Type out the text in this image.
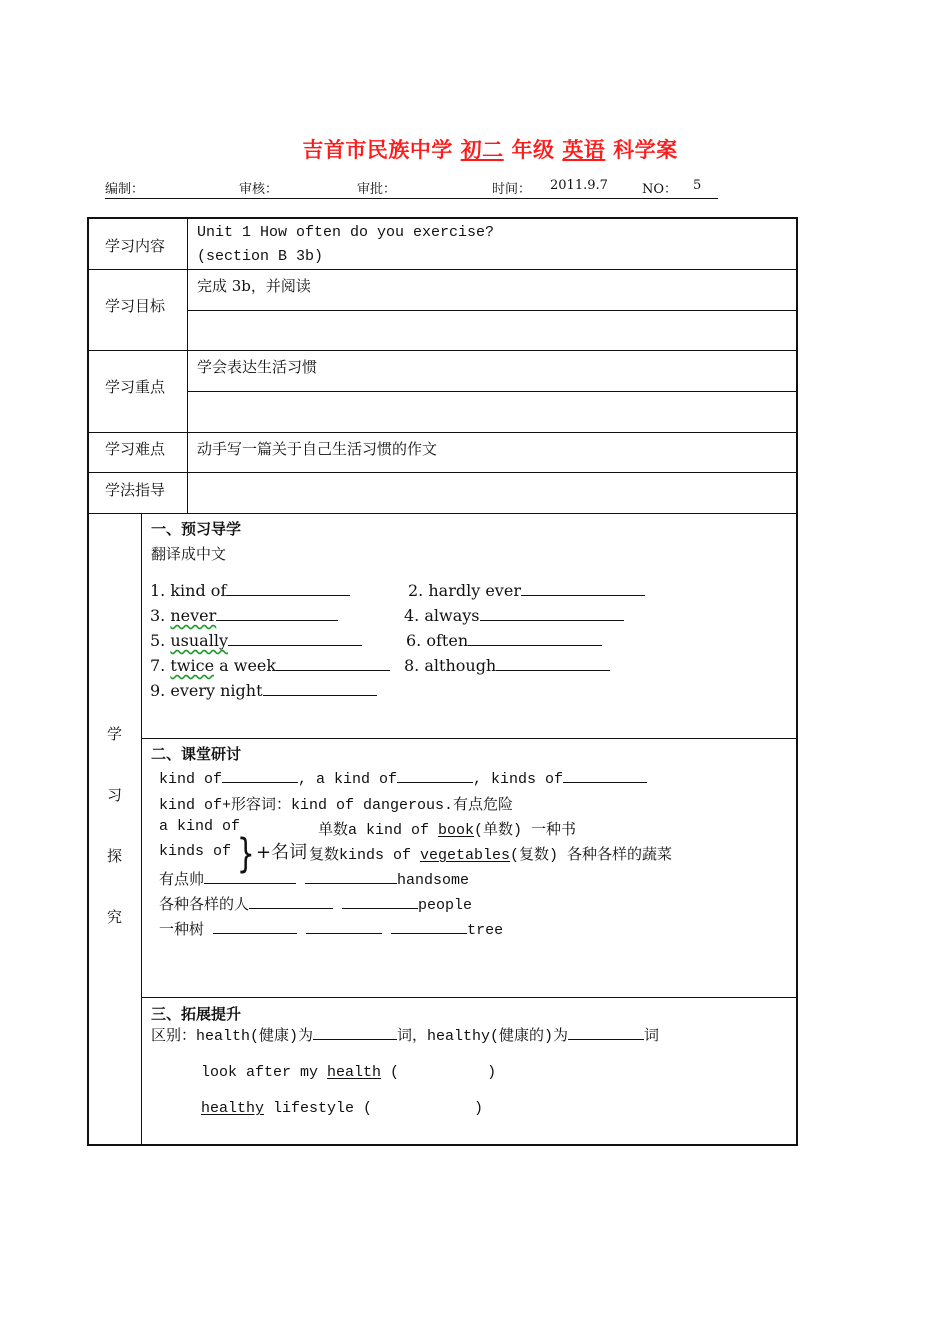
吉首市民族中学 初二 年级 英语 科学案
编制：	审核：	审批：	时间： 2011.9.7	NO： 5
学习内容
Unit 1 How often do you exercise?
(section B 3b)
学习目标
完成 3b，并阅读
学习重点
学会表达生活习惯
学习难点 动手写一篇关于自己生活习惯的作文
学法指导
学
习
探
究
一、预习导学
翻译成中文
1. kind of	2. hardly ever
3. never	4. always
5. usually	6. often
7. twice a week	8. although
9. every night
二、课堂研讨
kind of	, a kind of	, kinds of
kind of+形容词：kind of dangerous.有点危险
a kind of	单数a kind of book(单数) 一种书
kinds of } +名词 复数kinds of vegetables(复数) 各种各样的蔬菜
有点帅	handsome
各种各样的人	people
一种树	tree
三、拓展提升
区别：health(健康)为	词，healthy(健康的)为	词
look after my health (	)
healthy lifestyle (	)
